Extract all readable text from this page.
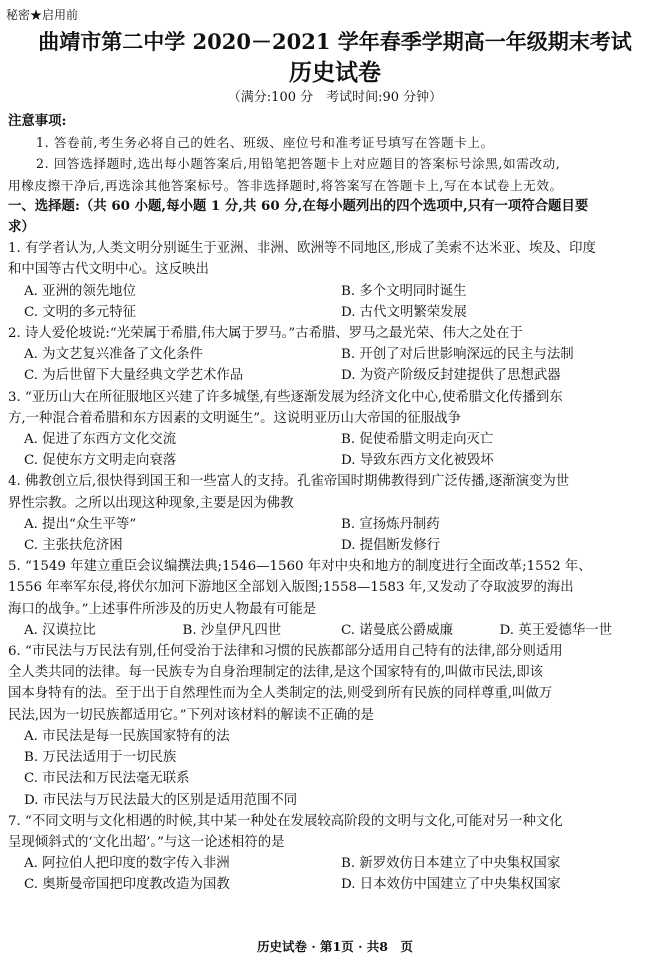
秘密★启用前
曲靖市第二中学 2020－2021 学年春季学期高一年级期末考试
历史试卷
（满分:100 分　考试时间:90 分钟）
注意事项:
1. 答卷前,考生务必将自己的姓名、班级、座位号和准考证号填写在答题卡上。
2. 回答选择题时,选出每小题答案后,用铅笔把答题卡上对应题目的答案标号涂黑,如需改动,
用橡皮擦干净后,再选涂其他答案标号。答非选择题时,将答案写在答题卡上,写在本试卷上无效。
一、选择题:（共 60 小题,每小题 1 分,共 60 分,在每小题列出的四个选项中,只有一项符合题目要
求）
1. 有学者认为,人类文明分别诞生于亚洲、非洲、欧洲等不同地区,形成了美索不达米亚、埃及、印度
和中国等古代文明中心。这反映出
A. 亚洲的领先地位	B. 多个文明同时诞生
C. 文明的多元特征	D. 古代文明繁荣发展
2. 诗人爱伦坡说:“光荣属于希腊,伟大属于罗马。”古希腊、罗马之最光荣、伟大之处在于
A. 为文艺复兴准备了文化条件	B. 开创了对后世影响深远的民主与法制
C. 为后世留下大量经典文学艺术作品	D. 为资产阶级反封建提供了思想武器
3. “亚历山大在所征服地区兴建了许多城堡,有些逐渐发展为经济文化中心,使希腊文化传播到东
方,一种混合着希腊和东方因素的文明诞生”。这说明亚历山大帝国的征服战争
A. 促进了东西方文化交流	B. 促使希腊文明走向灭亡
C. 促使东方文明走向衰落	D. 导致东西方文化被毁坏
4. 佛教创立后,很快得到国王和一些富人的支持。孔雀帝国时期佛教得到广泛传播,逐渐演变为世
界性宗教。之所以出现这种现象,主要是因为佛教
A. 提出“众生平等”	B. 宣扬炼丹制药
C. 主张扶危济困	D. 提倡断发修行
5. “1549 年建立重臣会议编撰法典;1546—1560 年对中央和地方的制度进行全面改革;1552 年、
1556 年率军东侵,将伏尔加河下游地区全部划入版图;1558—1583 年,又发动了夺取波罗的海出
海口的战争。”上述事件所涉及的历史人物最有可能是
A. 汉谟拉比	B. 沙皇伊凡四世	C. 诺曼底公爵威廉	D. 英王爱德华一世
6. “市民法与万民法有别,任何受治于法律和习惯的民族都部分适用自己特有的法律,部分则适用
全人类共同的法律。每一民族专为自身治理制定的法律,是这个国家特有的,叫做市民法,即该
国本身特有的法。至于出于自然理性而为全人类制定的法,则受到所有民族的同样尊重,叫做万
民法,因为一切民族都适用它。”下列对该材料的解读不正确的是
A. 市民法是每一民族国家特有的法
B. 万民法适用于一切民族
C. 市民法和万民法毫无联系
D. 市民法与万民法最大的区别是适用范围不同
7. “不同文明与文化相遇的时候,其中某一种处在发展较高阶段的文明与文化,可能对另一种文化
呈现倾斜式的‘文化出超’。”与这一论述相符的是
A. 阿拉伯人把印度的数字传入非洲	B. 新罗效仿日本建立了中央集权国家
C. 奥斯曼帝国把印度教改造为国教	D. 日本效仿中国建立了中央集权国家
历史试卷 · 第1页 · 共8　页
